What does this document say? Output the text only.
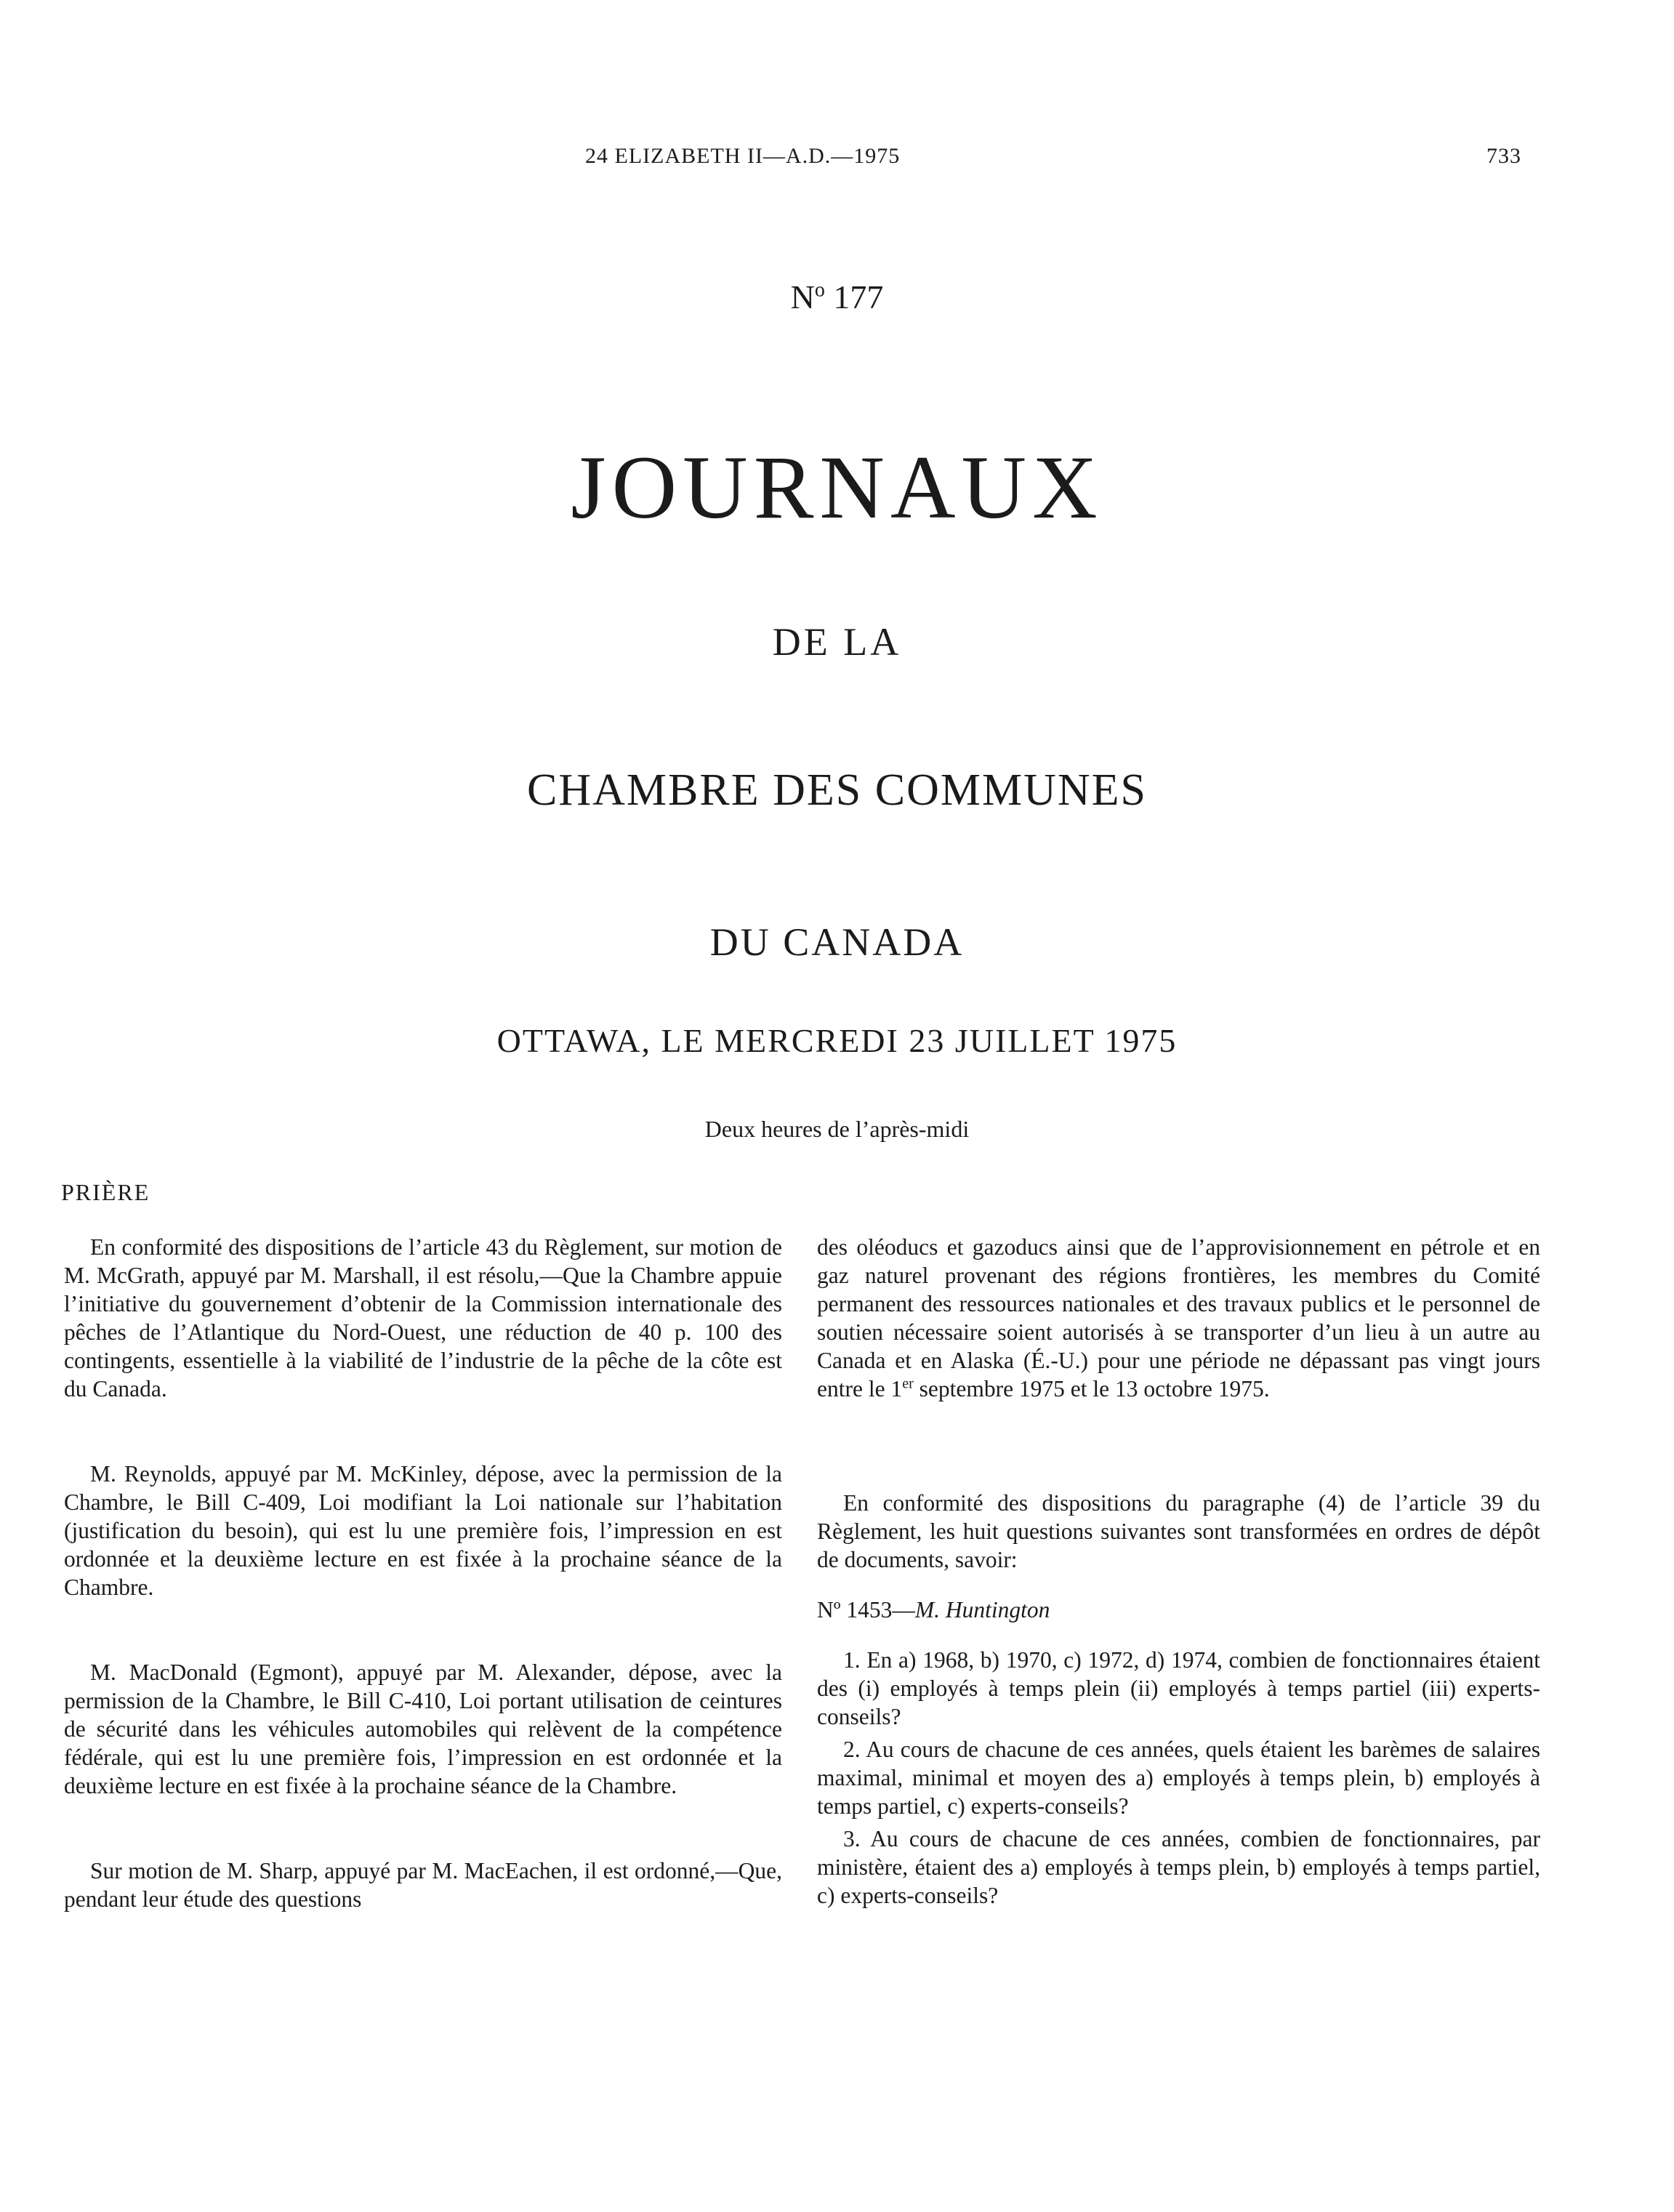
24 ELIZABETH II—A.D.—1975	733
$N^o$ 177
JOURNAUX
DE LA
CHAMBRE DES COMMUNES
DU CANADA
OTTAWA, LE MERCREDI 23 JUILLET 1975
Deux heures de l’après-midi
PRIÈRE

En conformité des dispositions de l’article 43 du Règlement, sur motion de M. McGrath, appuyé par M. Marshall, il est résolu,—Que la Chambre appuie l’initiative du gouvernement d’obtenir de la Commission internationale des pêches de l’Atlantique du Nord-Ouest, une réduction de 40 p. 100 des contingents, essentielle à la viabilité de l’industrie de la pêche de la côte est du Canada.

M. Reynolds, appuyé par M. McKinley, dépose, avec la permission de la Chambre, le Bill C-409, Loi modifiant la Loi nationale sur l’habitation (justification du besoin), qui est lu une première fois, l’impression en est ordonnée et la deuxième lecture en est fixée à la prochaine séance de la Chambre.

M. MacDonald (Egmont), appuyé par M. Alexander, dépose, avec la permission de la Chambre, le Bill C-410, Loi portant utilisation de ceintures de sécurité dans les véhicules automobiles qui relèvent de la compétence fédérale, qui est lu une première fois, l’impression en est ordonnée et la deuxième lecture en est fixée à la prochaine séance de la Chambre.

Sur motion de M. Sharp, appuyé par M. MacEachen, il est ordonné,—Que, pendant leur étude des questions

des oléoducs et gazoducs ainsi que de l’approvisionnement en pétrole et en gaz naturel provenant des régions frontières, les membres du Comité permanent des ressources nationales et des travaux publics et le personnel de soutien nécessaire soient autorisés à se transporter d’un lieu à un autre au Canada et en Alaska (É.-U.) pour une période ne dépassant pas vingt jours entre le 1er septembre 1975 et le 13 octobre 1975.

En conformité des dispositions du paragraphe (4) de l’article 39 du Règlement, les huit questions suivantes sont transformées en ordres de dépôt de documents, savoir:

Nº 1453—M. Huntington

1. En a) 1968, b) 1970, c) 1972, d) 1974, combien de fonctionnaires étaient des (i) employés à temps plein (ii) employés à temps partiel (iii) experts-conseils?

2. Au cours de chacune de ces années, quels étaient les barèmes de salaires maximal, minimal et moyen des a) employés à temps plein, b) employés à temps partiel, c) experts-conseils?

3. Au cours de chacune de ces années, combien de fonctionnaires, par ministère, étaient des a) employés à temps plein, b) employés à temps partiel, c) experts-conseils?
